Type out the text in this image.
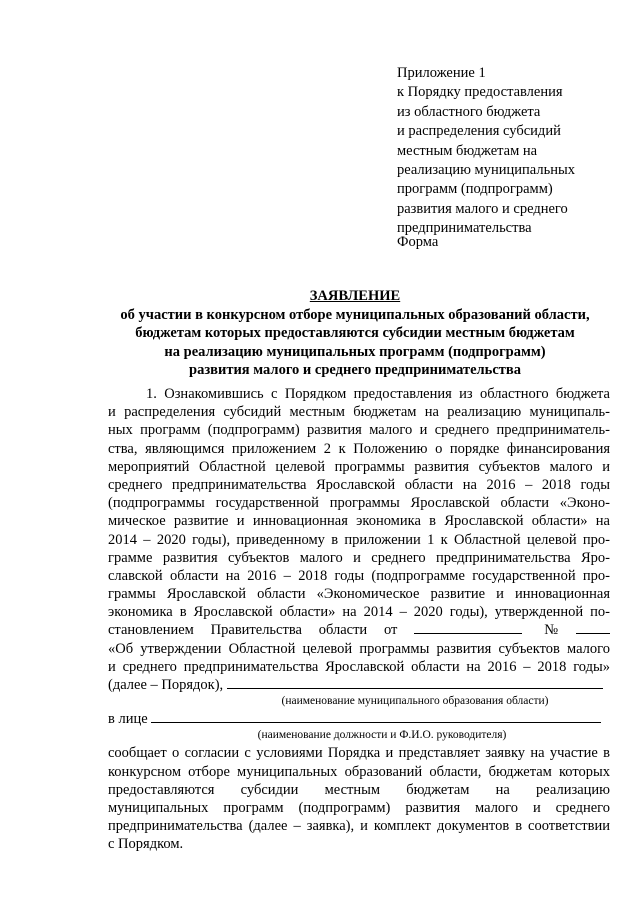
Приложение 1
к Порядку предоставления
из областного бюджета
и распределения субсидий
местным бюджетам на
реализацию муниципальных
программ (подпрограмм)
развития малого и среднего
предпринимательства
Форма
ЗАЯВЛЕНИЕ
об участии в конкурсном отборе муниципальных образований области,
бюджетам которых предоставляются субсидии местным бюджетам
на реализацию муниципальных программ (подпрограмм)
развития малого и среднего предпринимательства
1. Ознакомившись с Порядком предоставления из областного бюджета
и распределения субсидий местным бюджетам на реализацию муниципаль-
ных программ (подпрограмм) развития малого и среднего предприниматель-
ства, являющимся приложением 2 к Положению о порядке финансирования
мероприятий Областной целевой программы развития субъектов малого и
среднего предпринимательства Ярославской области на 2016 – 2018 годы
(подпрограммы государственной программы Ярославской области «Эконо-
мическое развитие и инновационная экономика в Ярославской области» на
2014 – 2020 годы), приведенному в приложении 1 к Областной целевой про-
грамме развития субъектов малого и среднего предпринимательства Яро-
славской области на 2016 – 2018 годы (подпрограмме государственной про-
граммы Ярославской области «Экономическое развитие и инновационная
экономика в Ярославской области» на 2014 – 2020 годы), утвержденной по-
становлением Правительства области от	№
«Об утверждении Областной целевой программы развития субъектов малого
и среднего предпринимательства Ярославской области на 2016 – 2018 годы»
(далее – Порядок),
(наименование муниципального образования области)
в лице
(наименование должности и Ф.И.О. руководителя)
сообщает о согласии с условиями Порядка и представляет заявку на участие в
конкурсном отборе муниципальных образований области, бюджетам которых
предоставляются субсидии местным бюджетам на реализацию
муниципальных программ (подпрограмм) развития малого и среднего
предпринимательства (далее – заявка), и комплект документов в соответствии
с Порядком.
